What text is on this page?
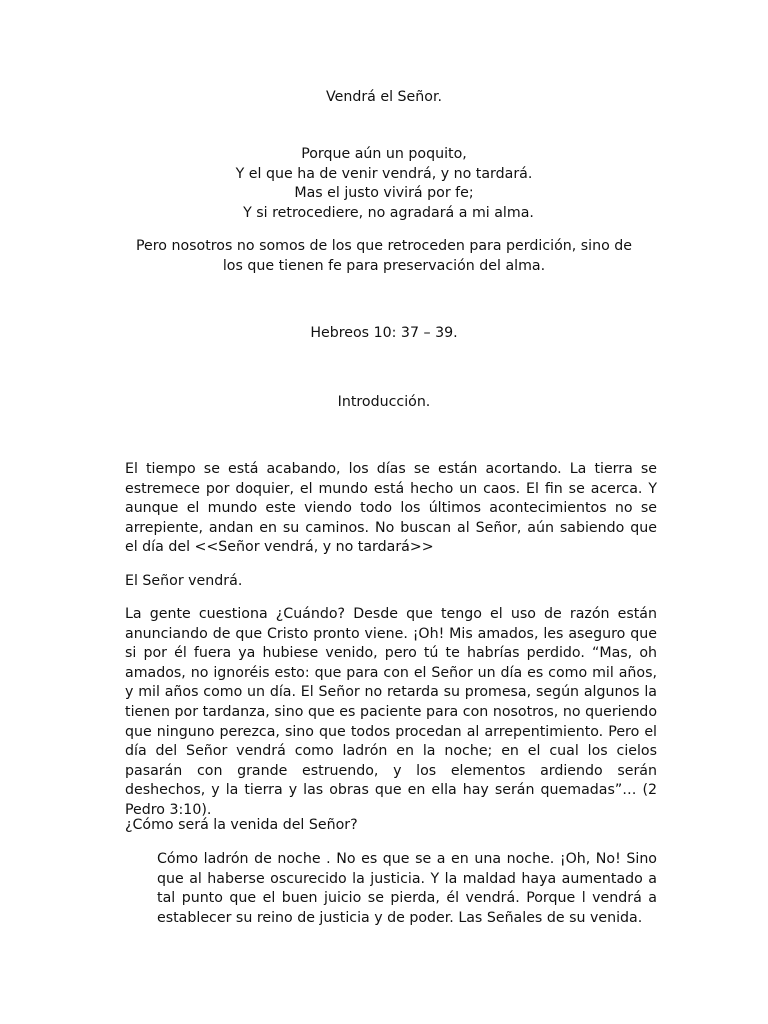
Vendrá el Señor.

Porque aún un poquito,
Y el que ha de venir vendrá, y no tardará.
Mas el justo vivirá por fe;
Y si retrocediere, no agradará a mi alma.

Pero nosotros no somos de los que retroceden para perdición, sino de los que tienen fe para preservación del alma.

Hebreos 10: 37 – 39.

Introducción.

El tiempo se está acabando, los días se están acortando. La tierra se estremece por doquier, el mundo está hecho un caos. El fin se acerca. Y aunque el mundo este viendo todo los últimos acontecimientos no se arrepiente, andan en su caminos. No buscan al Señor, aún sabiendo que el día del <<Señor vendrá, y no tardará>>

El Señor vendrá.

La gente cuestiona ¿Cuándo? Desde que tengo el uso de razón están anunciando de que Cristo pronto viene. ¡Oh! Mis amados, les aseguro que si por él fuera ya hubiese venido, pero tú te habrías perdido. “Mas, oh amados, no ignoréis esto: que para con el Señor un día es como mil años, y mil años como un día. El Señor no retarda su promesa, según algunos la tienen por tardanza, sino que es paciente para con nosotros, no queriendo que ninguno perezca, sino que todos procedan al arrepentimiento. Pero el día del Señor vendrá como ladrón en la noche; en el cual los cielos pasarán con grande estruendo, y los elementos ardiendo serán deshechos, y la tierra y las obras que en ella hay serán quemadas”… (2 Pedro 3:10).

¿Cómo será la venida del Señor?

Cómo ladrón de noche . No es que se a en una noche. ¡Oh, No! Sino que al haberse oscurecido la justicia. Y la maldad haya aumentado a tal punto que el buen juicio se pierda, él vendrá. Porque l vendrá a establecer su reino de justicia y de poder. Las Señales de su venida.
